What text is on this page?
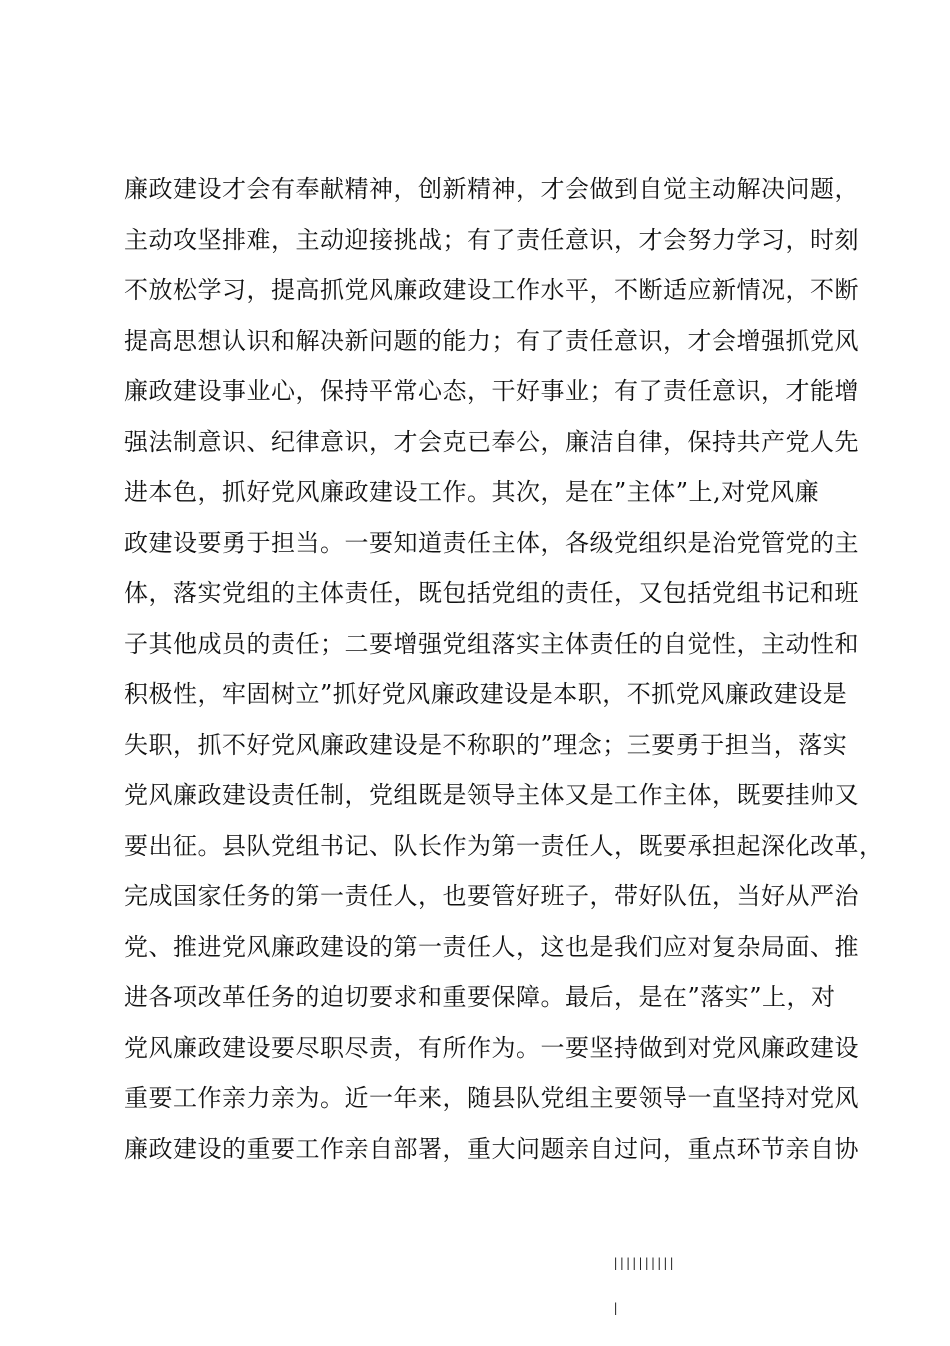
廉政建设才会有奉献精神，创新精神，才会做到自觉主动解决问题，
主动攻坚排难，主动迎接挑战；有了责任意识，才会努力学习，时刻
不放松学习，提高抓党风廉政建设工作水平，不断适应新情况，不断
提高思想认识和解决新问题的能力；有了责任意识，才会增强抓党风
廉政建设事业心，保持平常心态，干好事业；有了责任意识，才能增
强法制意识、纪律意识，才会克已奉公，廉洁自律，保持共产党人先
进本色，抓好党风廉政建设工作。其次，是在”主体”上,对党风廉
政建设要勇于担当。一要知道责任主体，各级党组织是治党管党的主
体，落实党组的主体责任，既包括党组的责任，又包括党组书记和班
子其他成员的责任；二要增强党组落实主体责任的自觉性，主动性和
积极性，牢固树立”抓好党风廉政建设是本职，不抓党风廉政建设是
失职，抓不好党风廉政建设是不称职的”理念；三要勇于担当，落实
党风廉政建设责任制，党组既是领导主体又是工作主体，既要挂帅又
要出征。县队党组书记、队长作为第一责任人，既要承担起深化改革，
完成国家任务的第一责任人，也要管好班子，带好队伍，当好从严治
党、推进党风廉政建设的第一责任人，这也是我们应对复杂局面、推
进各项改革任务的迫切要求和重要保障。最后，是在”落实”上，对
党风廉政建设要尽职尽责，有所作为。一要坚持做到对党风廉政建设
重要工作亲力亲为。近一年来，随县队党组主要领导一直坚持对党风
廉政建设的重要工作亲自部署，重大问题亲自过问，重点环节亲自协

||||||||||

|
